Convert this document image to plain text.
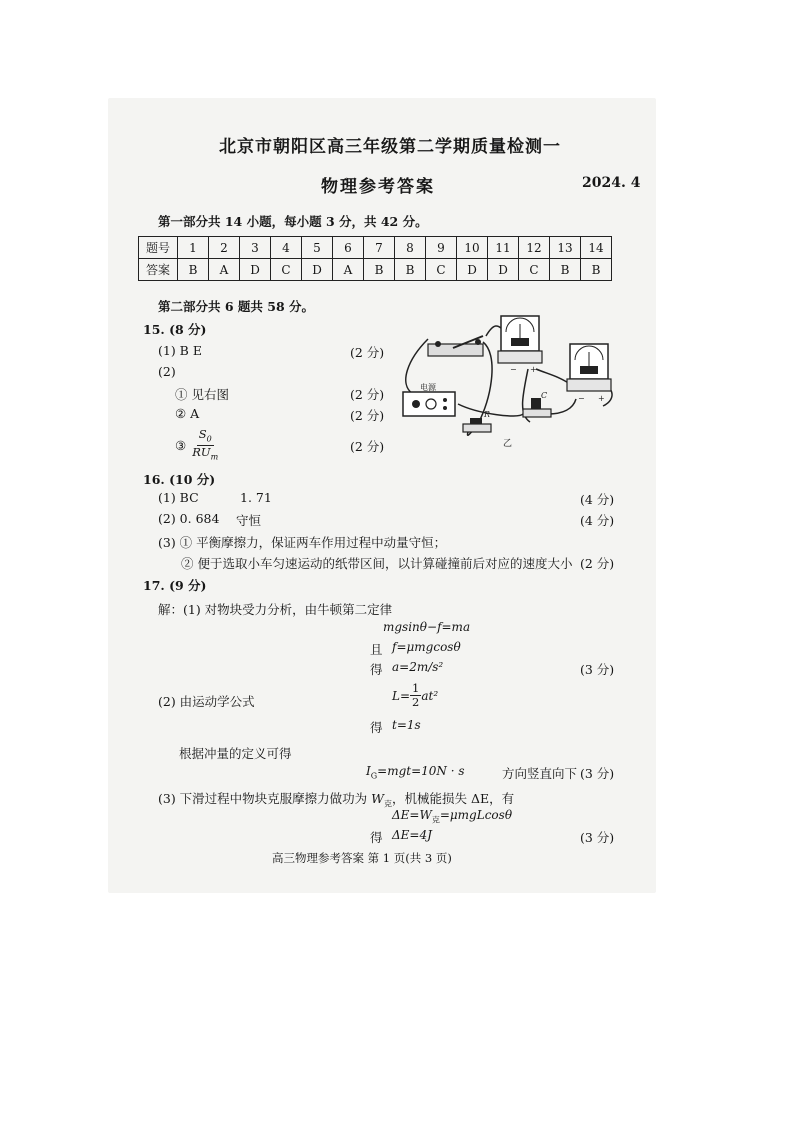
北京市朝阳区高三年级第二学期质量检测一
物理参考答案	2024. 4
第一部分共 14 小题，每小题 3 分，共 42 分。
题号	1	2	3	4	5	6	7	8	9	10	11	12	13	14
答案	B	A	D	C	D	A	B	B	C	D	D	C	B	B
第二部分共 6 题共 58 分。
15. (8 分)
(1) B E	(2 分)
(2)
① 见右图	(2 分)
② A	(2 分)
③ $\frac{S_0}{RU_m}$	(2 分)
− +
− +
电源
R
C
乙
16. (10 分)
(1) BC	1. 71	(4 分)
(2) 0. 684 守恒	(4 分)
(3) ① 平衡摩擦力，保证两车作用过程中动量守恒；
② 便于选取小车匀速运动的纸带区间，以计算碰撞前后对应的速度大小 (2 分)
17. (9 分)
解：(1) 对物块受力分析，由牛顿第二定律
mgsinθ−f=ma
且 f=μmgcosθ
得 a=2m/s²	(3 分)
(2) 由运动学公式	$L= \frac{1}{2} at^2$
得 t=1s
根据冲量的定义可得
$I_G=mgt=10N \cdot s$	方向竖直向下 (3 分)
(3) 下滑过程中物块克服摩擦力做功为 $W_克$，机械能损失 ΔE，有
$\Delta E=W_克=\mu mgLcos\theta$
得 ΔE=4J	(3 分)
高三物理参考答案 第 1 页(共 3 页)
